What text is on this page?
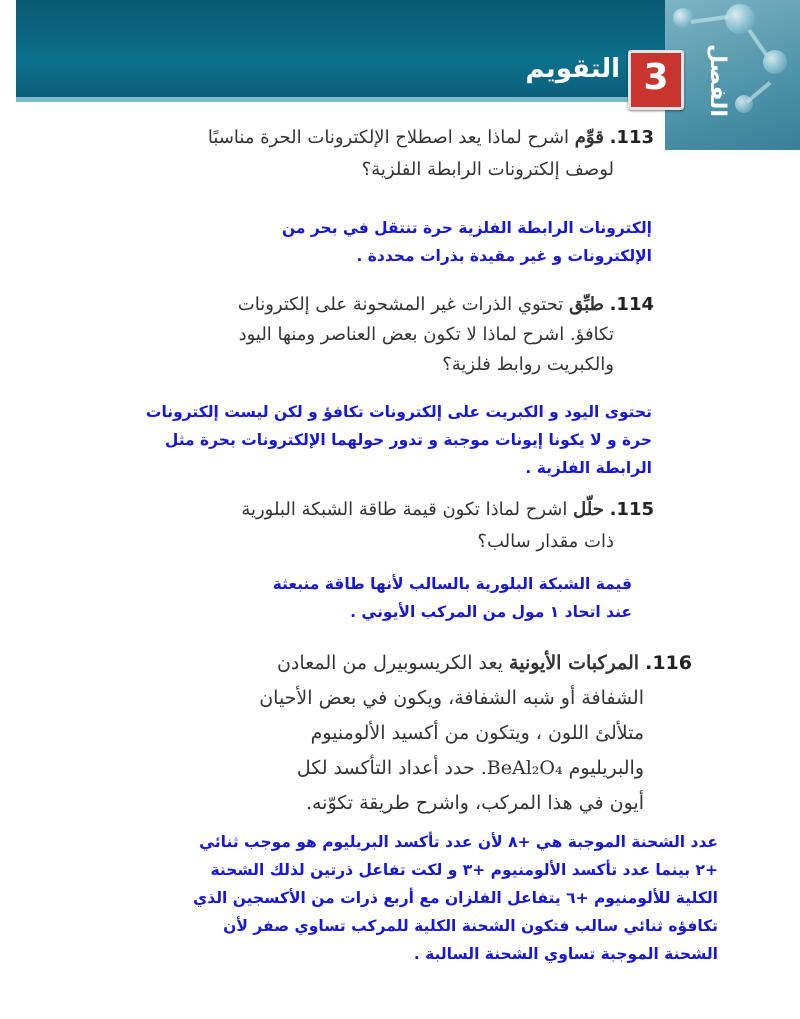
الفصل
3
التقويم
113. قوِّم اشرح لماذا يعد اصطلاح الإلكترونات الحرة مناسبًا
لوصف إلكترونات الرابطة الفلزية؟
إلكترونات الرابطة الفلزية حرة تنتقل في بحر من
الإلكترونات و غير مقيدة بذرات محددة .
114. طبِّق تحتوي الذرات غير المشحونة على إلكترونات
تكافؤ. اشرح لماذا لا تكون بعض العناصر ومنها اليود
والكبريت روابط فلزية؟
تحتوى اليود و الكبريت على إلكترونات تكافؤ و لكن ليست إلكترونات
حرة و لا يكونا إيونات موجبة و تدور حولهما الإلكترونات بحرة مثل
الرابطة الفلزية .
115. حلّل اشرح لماذا تكون قيمة طاقة الشبكة البلورية
ذات مقدار سالب؟
قيمة الشبكة البلورية بالسالب لأنها طاقة منبعثة
عند اتحاد ١ مول من المركب الأيوني .
116. المركبات الأيونية يعد الكريسوبيرل من المعادن
الشفافة أو شبه الشفافة، ويكون في بعض الأحيان
متلألئ اللون ، ويتكون من أكسيد الألومنيوم
والبريليوم BeAl₂O₄. حدد أعداد التأكسد لكل
أيون في هذا المركب، واشرح طريقة تكوّنه.
عدد الشحنة الموجبة هي +٨ لأن عدد تأكسد البريليوم هو موجب ثنائي
+٢ بينما عدد تأكسد الألومنيوم +٣ و لكت تفاعل ذرتين لذلك الشحنة
الكلية للألومنيوم +٦ يتفاعل الفلزان مع أربع ذرات من الأكسجين الذي
تكافؤه ثنائي سالب فتكون الشحنة الكلية للمركب تساوي صفر لأن
الشحنة الموجبة تساوي الشحنة السالبة .
